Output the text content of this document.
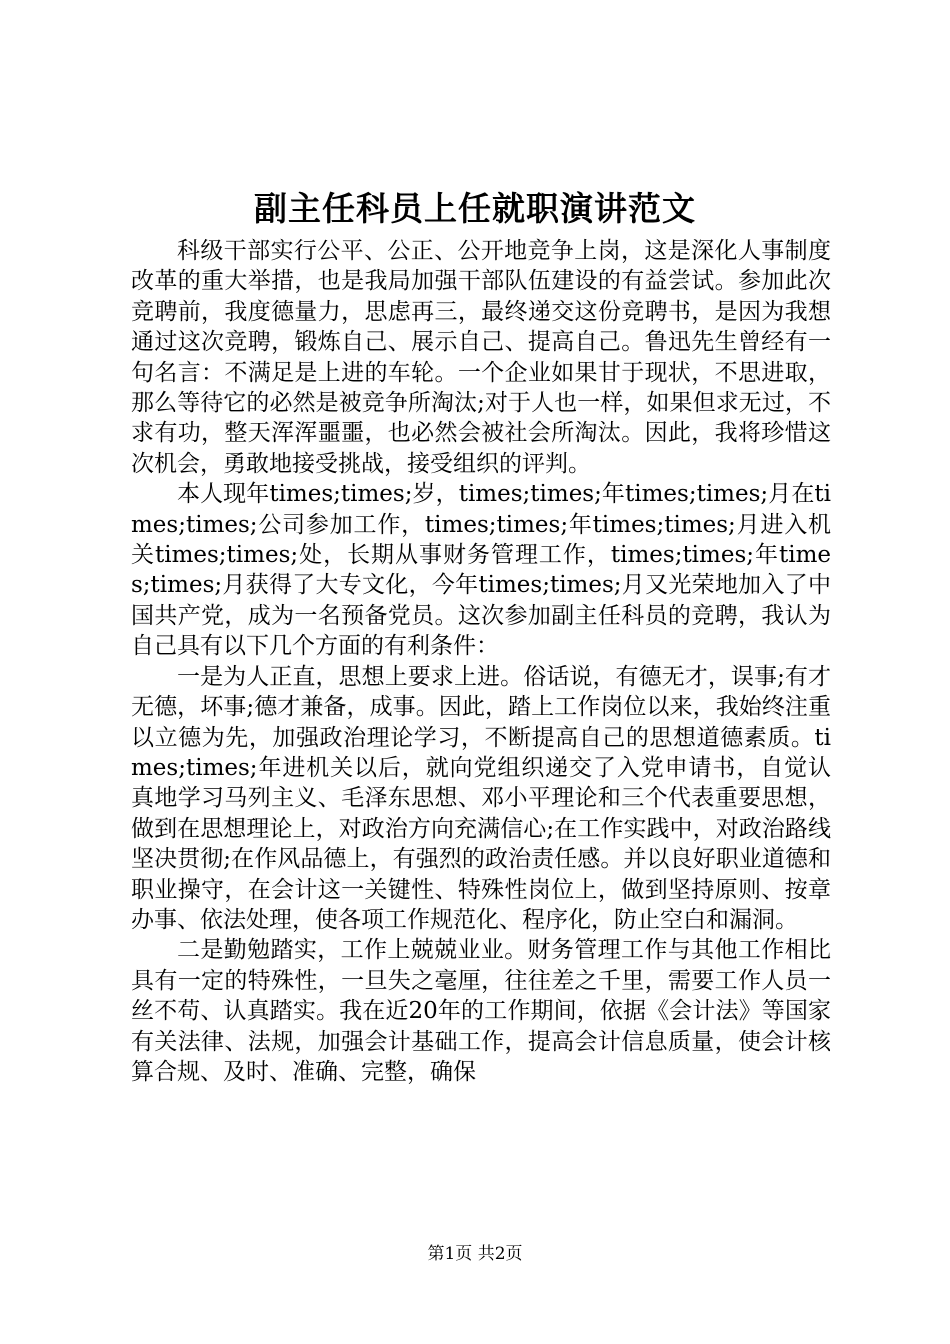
副主任科员上任就职演讲范文

科级干部实行公平、公正、公开地竞争上岗，这是深化人事制度改革的重大举措，也是我局加强干部队伍建设的有益尝试。参加此次竞聘前，我度德量力，思虑再三，最终递交这份竞聘书，是因为我想通过这次竞聘，锻炼自己、展示自己、提高自己。鲁迅先生曾经有一句名言：不满足是上进的车轮。一个企业如果甘于现状，不思进取，那么等待它的必然是被竞争所淘汰;对于人也一样，如果但求无过，不求有功，整天浑浑噩噩，也必然会被社会所淘汰。因此，我将珍惜这次机会，勇敢地接受挑战，接受组织的评判。

本人现年times;times;岁，times;times;年times;times;月在times;times;公司参加工作，times;times;年times;times;月进入机关times;times;处，长期从事财务管理工作，times;times;年times;times;月获得了大专文化，今年times;times;月又光荣地加入了中国共产党，成为一名预备党员。这次参加副主任科员的竞聘，我认为自己具有以下几个方面的有利条件：

一是为人正直，思想上要求上进。俗话说，有德无才，误事;有才无德，坏事;德才兼备，成事。因此，踏上工作岗位以来，我始终注重以立德为先，加强政治理论学习，不断提高自己的思想道德素质。times;times;年进机关以后，就向党组织递交了入党申请书，自觉认真地学习马列主义、毛泽东思想、邓小平理论和三个代表重要思想，做到在思想理论上，对政治方向充满信心;在工作实践中，对政治路线坚决贯彻;在作风品德上，有强烈的政治责任感。并以良好职业道德和职业操守，在会计这一关键性、特殊性岗位上，做到坚持原则、按章办事、依法处理，使各项工作规范化、程序化，防止空白和漏洞。

二是勤勉踏实，工作上兢兢业业。财务管理工作与其他工作相比具有一定的特殊性，一旦失之毫厘，往往差之千里，需要工作人员一丝不苟、认真踏实。我在近20年的工作期间，依据《会计法》等国家有关法律、法规，加强会计基础工作，提高会计信息质量，使会计核算合规、及时、准确、完整，确保

第1页 共2页
